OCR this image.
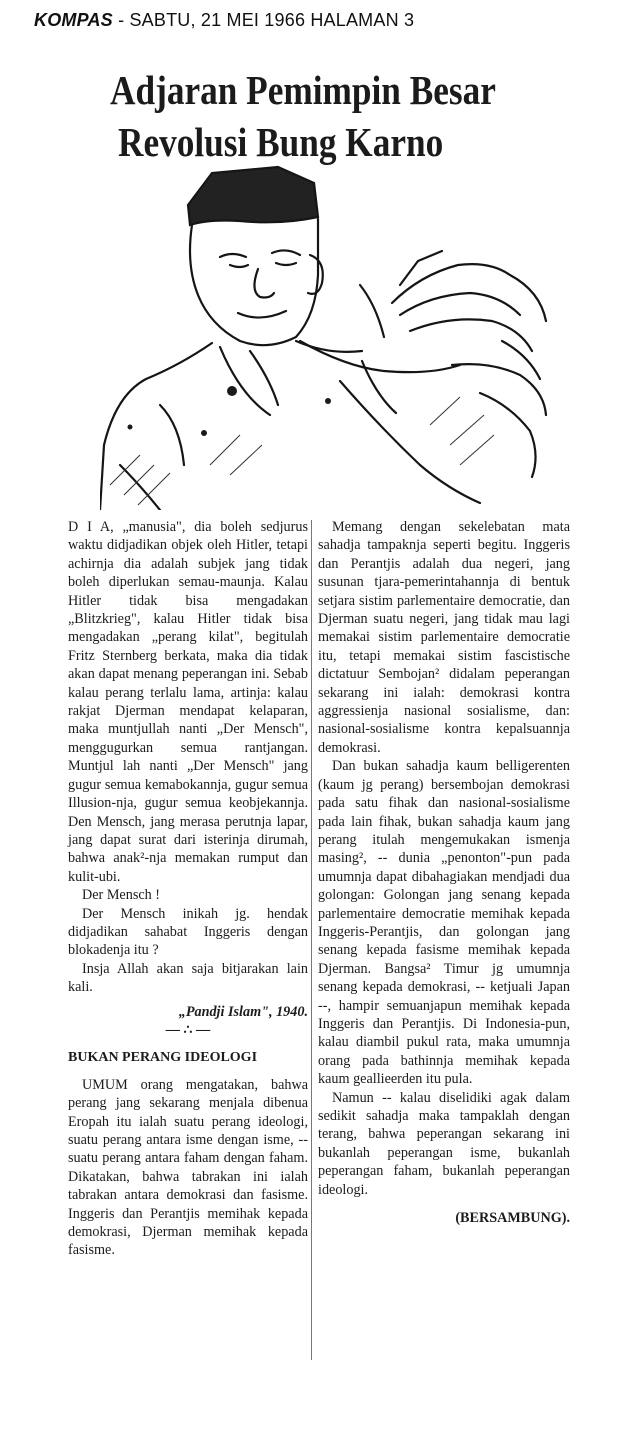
KOMPAS - SABTU, 21 MEI 1966 HALAMAN 3
Adjaran Pemimpin Besar
Revolusi Bung Karno

D I A, „manusia", dia boleh sedjurus waktu didjadikan objek oleh Hitler, tetapi achirnja dia adalah subjek jang tidak boleh diperlukan semau-maunja. Kalau Hitler tidak bisa mengadakan „Blitzkrieg", kalau Hitler tidak bisa mengadakan „perang kilat", begitulah Fritz Sternberg berkata, maka dia tidak akan dapat menang peperangan ini. Sebab kalau perang terlalu lama, artinja: kalau rakjat Djerman mendapat kelaparan, maka muntjullah nanti „Der Mensch", menggugurkan semua rantjangan. Muntjul lah nanti „Der Mensch" jang gugur semua kemabokannja, gugur semua Illusion-nja, gugur semua keobjekannja. Den Mensch, jang merasa perutnja lapar, jang dapat surat dari isterinja dirumah, bahwa anak²-nja memakan rumput dan kulit-ubi.

Der Mensch !

Der Mensch inikah jg. hendak didjadikan sahabat Inggeris dengan blokadenja itu ?

Insja Allah akan saja bitjarakan lain kali.

„Pandji Islam", 1940.

— ∴ —

BUKAN PERANG IDEOLOGI

UMUM orang mengatakan, bahwa perang jang sekarang menjala dibenua Eropah itu ialah suatu perang ideologi, suatu perang antara isme dengan isme, -- suatu perang antara faham dengan faham. Dikatakan, bahwa tabrakan ini ialah tabrakan antara demokrasi dan fasisme. Inggeris dan Perantjis memihak kepada demokrasi, Djerman memihak kepada fasisme.

Memang dengan sekelebatan mata sahadja tampaknja seperti begitu. Inggeris dan Perantjis adalah dua negeri, jang susunan tjara-pemerintahannja di bentuk setjara sistim parlementaire democratie, dan Djerman suatu negeri, jang tidak mau lagi memakai sistim parlementaire democratie itu, tetapi memakai sistim fascistische dictatuur Sembojan² didalam peperangan sekarang ini ialah: demokrasi kontra aggressienja nasional sosialisme, dan: nasional-sosialisme kontra kepalsuannja demokrasi.

Dan bukan sahadja kaum belligerenten (kaum jg perang) bersembojan demokrasi pada satu fihak dan nasional-sosialisme pada lain fihak, bukan sahadja kaum jang perang itulah mengemukakan ismenja masing², -- dunia „penonton"-pun pada umumnja dapat dibahagiakan mendjadi dua golongan: Golongan jang senang kepada parlementaire democratie memihak kepada Inggeris-Perantjis, dan golongan jang senang kepada fasisme memihak kepada Djerman. Bangsa² Timur jg umumnja senang kepada demokrasi, -- ketjuali Japan --, hampir semuanjapun memihak kepada Inggeris dan Perantjis. Di Indonesia-pun, kalau diambil pukul rata, maka umumnja orang pada bathinnja memihak kepada kaum geallieerden itu pula.

Namun -- kalau diselidiki agak dalam sedikit sahadja maka tampaklah dengan terang, bahwa peperangan sekarang ini bukanlah peperangan isme, bukanlah peperangan faham, bukanlah peperangan ideologi.

(BERSAMBUNG).
